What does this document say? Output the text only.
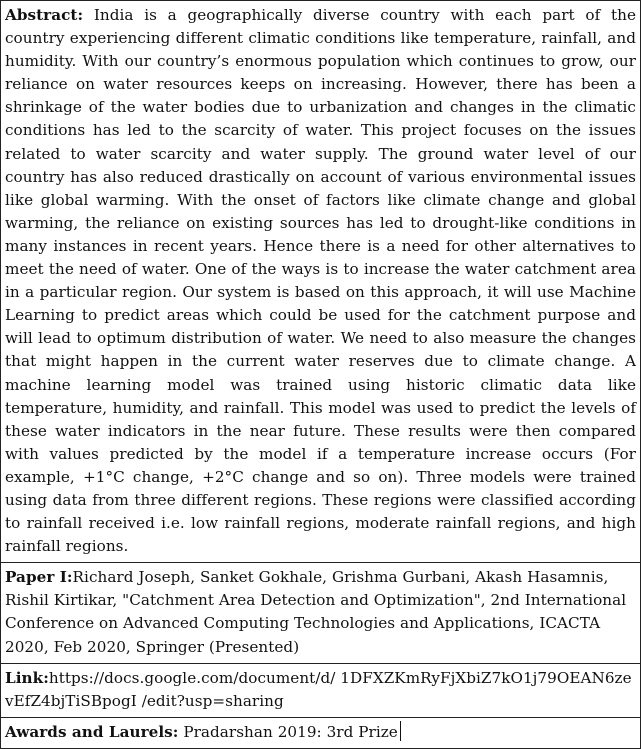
Abstract: India is a geographically diverse country with each part of the country experiencing different climatic conditions like temperature, rainfall, and humidity. With our country’s enormous population which continues to grow, our reliance on water resources keeps on increasing. However, there has been a shrinkage of the water bodies due to urbanization and changes in the climatic conditions has led to the scarcity of water. This project focuses on the issues related to water scarcity and water supply. The ground water level of our country has also reduced drastically on account of various environmental issues like global warming. With the onset of factors like climate change and global warming, the reliance on existing sources has led to drought-like conditions in many instances in recent years. Hence there is a need for other alternatives to meet the need of water. One of the ways is to increase the water catchment area in a particular region. Our system is based on this approach, it will use Machine Learning to predict areas which could be used for the catchment purpose and will lead to optimum distribution of water. We need to also measure the changes that might happen in the current water reserves due to climate change. A machine learning model was trained using historic climatic data like temperature, humidity, and rainfall. This model was used to predict the levels of these water indicators in the near future. These results were then compared with values predicted by the model if a temperature increase occurs (For example, +1°C change, +2°C change and so on). Three models were trained using data from three different regions. These regions were classified according to rainfall received i.e. low rainfall regions, moderate rainfall regions, and high rainfall regions.
Paper I:Richard Joseph, Sanket Gokhale, Grishma Gurbani, Akash Hasamnis, Rishil Kirtikar, "Catchment Area Detection and Optimization", 2nd International Conference on Advanced Computing Technologies and Applications, ICACTA 2020, Feb 2020, Springer (Presented)
Link:https://docs.google.com/document/d/ 1DFXZKmRyFjXbiZ7kO1j79OEAN6zevEfZ4bjTiSBpogI /edit?usp=sharing
Awards and Laurels: Pradarshan 2019: 3rd Prize
